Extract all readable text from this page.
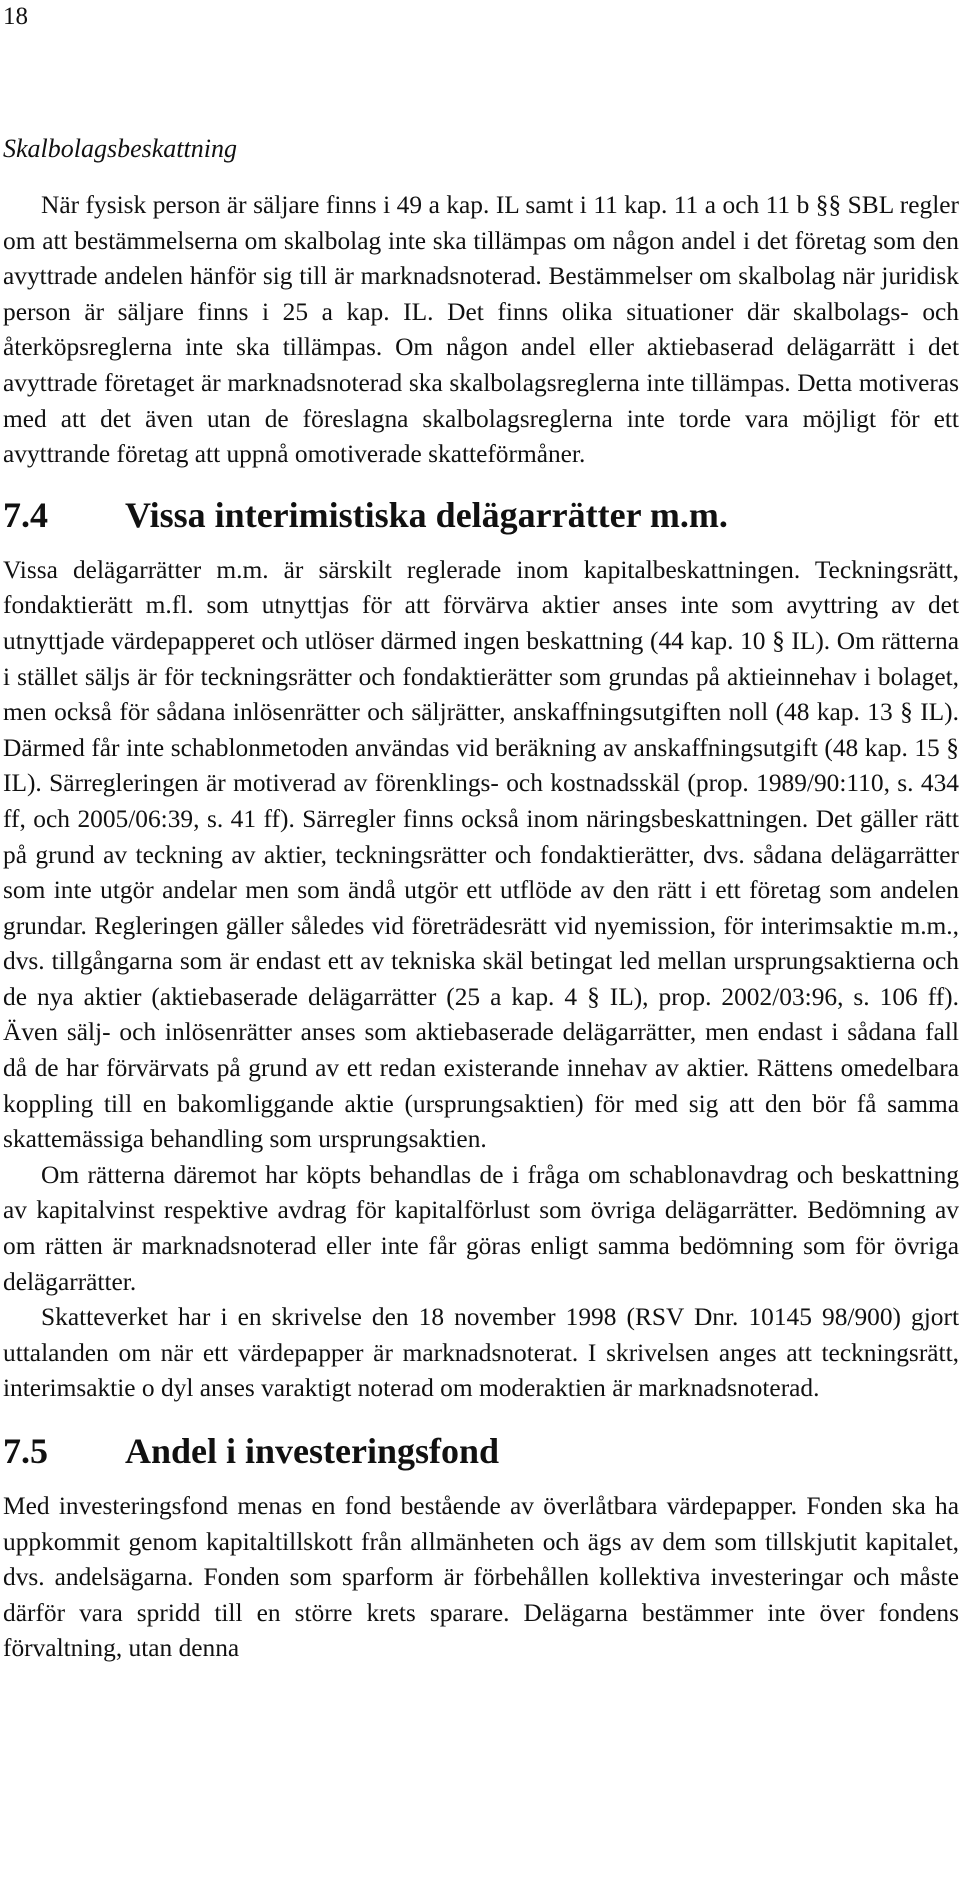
18
Skalbolagsbeskattning

När fysisk person är säljare finns i 49 a kap. IL samt i 11 kap. 11 a och 11 b §§ SBL regler om att bestämmelserna om skalbolag inte ska tillämpas om någon andel i det företag som den avyttrade andelen hänför sig till är marknadsnoterad. Bestämmelser om skalbolag när juridisk person är säljare finns i 25 a kap. IL. Det finns olika situationer där skalbolags- och återköpsreglerna inte ska tillämpas. Om någon andel eller aktiebaserad delägarrätt i det avyttrade företaget är marknadsnoterad ska skalbolagsreglerna inte tillämpas. Detta motiveras med att det även utan de föreslagna skalbolagsreglerna inte torde vara möjligt för ett avyttrande företag att uppnå omotiverade skatteförmåner.

7.4	Vissa interimistiska delägarrätter m.m.

Vissa delägarrätter m.m. är särskilt reglerade inom kapitalbeskattningen. Teckningsrätt, fondaktierätt m.fl. som utnyttjas för att förvärva aktier anses inte som avyttring av det utnyttjade värdepapperet och utlöser därmed ingen beskattning (44 kap. 10 § IL). Om rätterna i stället säljs är för teckningsrätter och fondaktierätter som grundas på aktieinnehav i bolaget, men också för sådana inlösenrätter och säljrätter, anskaffningsutgiften noll (48 kap. 13 § IL). Därmed får inte schablonmetoden användas vid beräkning av anskaffningsutgift (48 kap. 15 § IL). Särregleringen är motiverad av förenklings- och kostnadsskäl (prop. 1989/90:110, s. 434 ff, och 2005/06:39, s. 41 ff). Särregler finns också inom näringsbeskattningen. Det gäller rätt på grund av teckning av aktier, teckningsrätter och fondaktierätter, dvs. sådana delägarrätter som inte utgör andelar men som ändå utgör ett utflöde av den rätt i ett företag som andelen grundar. Regleringen gäller således vid företrädesrätt vid nyemission, för interimsaktie m.m., dvs. tillgångarna som är endast ett av tekniska skäl betingat led mellan ursprungsaktierna och de nya aktier (aktiebaserade delägarrätter (25 a kap. 4 § IL), prop. 2002/03:96, s. 106 ff). Även sälj- och inlösenrätter anses som aktiebaserade delägarrätter, men endast i sådana fall då de har förvärvats på grund av ett redan existerande innehav av aktier. Rättens omedelbara koppling till en bakomliggande aktie (ursprungsaktien) för med sig att den bör få samma skattemässiga behandling som ursprungsaktien.

Om rätterna däremot har köpts behandlas de i fråga om schablonavdrag och beskattning av kapitalvinst respektive avdrag för kapitalförlust som övriga delägarrätter. Bedömning av om rätten är marknadsnoterad eller inte får göras enligt samma bedömning som för övriga delägarrätter.

Skatteverket har i en skrivelse den 18 november 1998 (RSV Dnr. 10145 98/900) gjort uttalanden om när ett värdepapper är marknadsnoterat. I skrivelsen anges att teckningsrätt, interimsaktie o dyl anses varaktigt noterad om moderaktien är marknadsnoterad.

7.5	Andel i investeringsfond

Med investeringsfond menas en fond bestående av överlåtbara värdepapper. Fonden ska ha uppkommit genom kapitaltillskott från allmänheten och ägs av dem som tillskjutit kapitalet, dvs. andelsägarna. Fonden som sparform är förbehållen kollektiva investeringar och måste därför vara spridd till en större krets sparare. Delägarna bestämmer inte över fondens förvaltning, utan denna
